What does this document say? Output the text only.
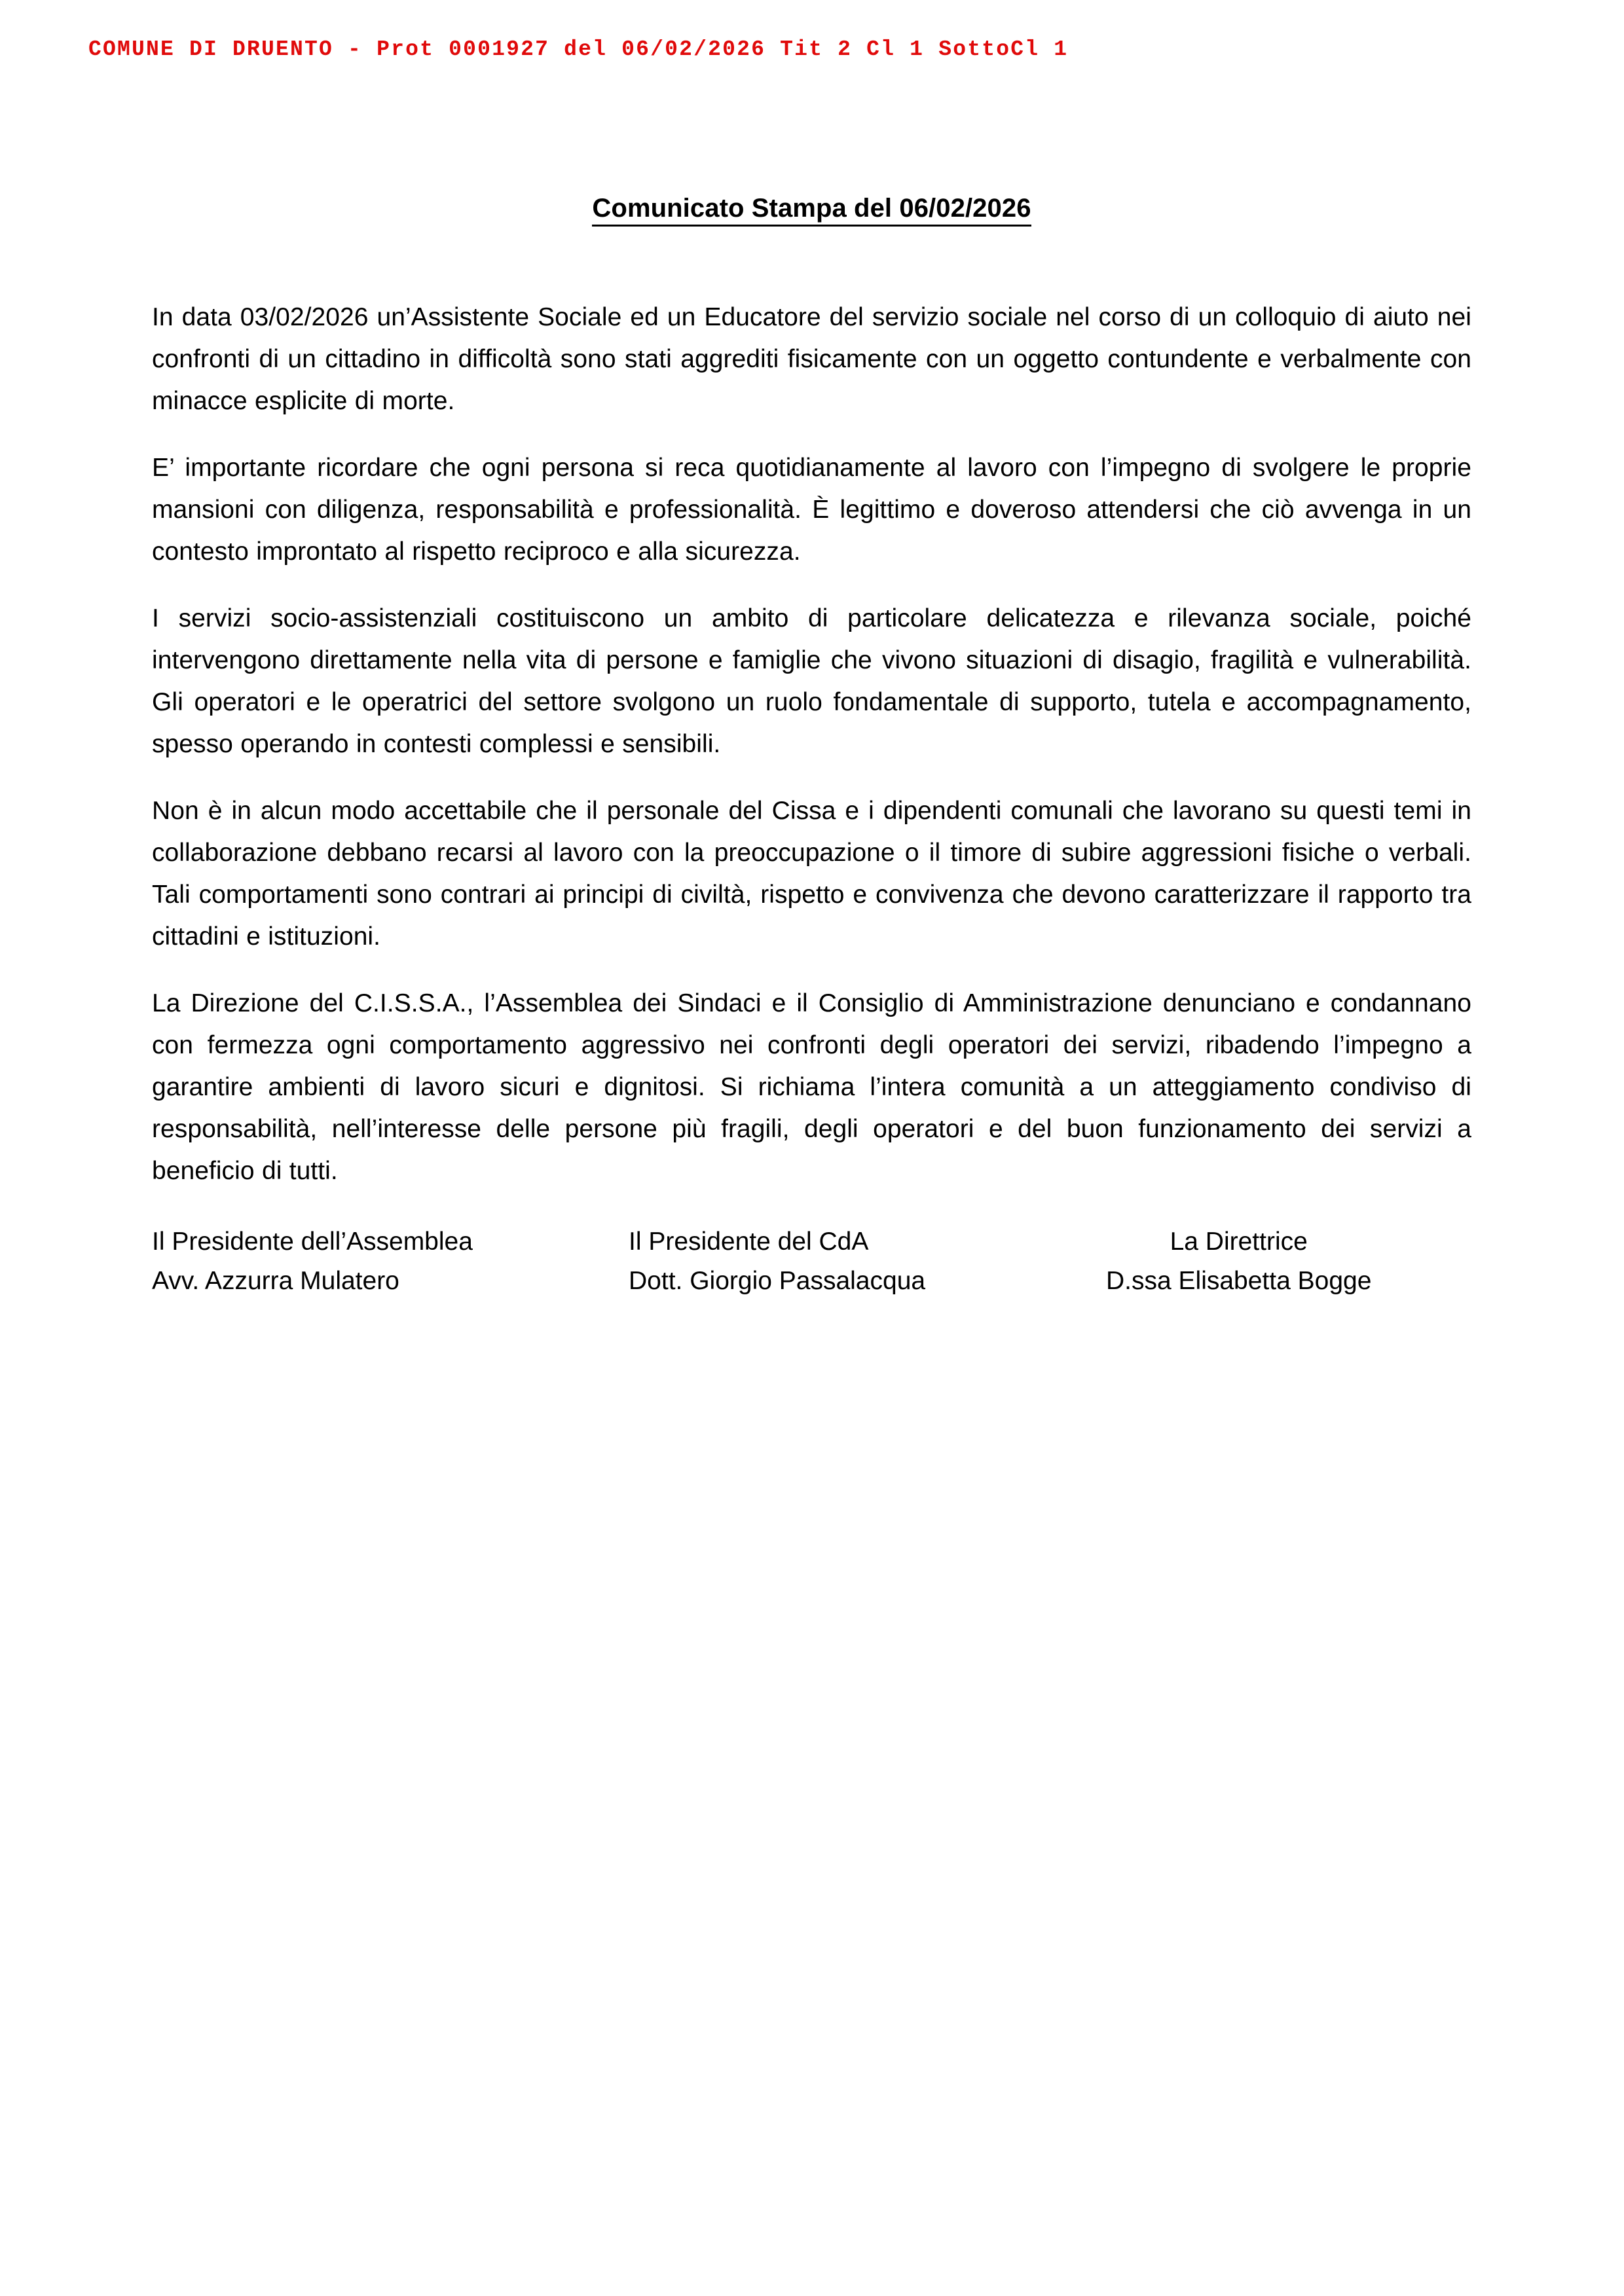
COMUNE DI DRUENTO - Prot 0001927 del 06/02/2026 Tit 2 Cl 1 SottoCl 1
Comunicato Stampa del 06/02/2026

In data 03/02/2026 un’Assistente Sociale ed un Educatore del servizio sociale nel corso di un colloquio di aiuto nei confronti di un cittadino in difficoltà sono stati aggrediti fisicamente con un oggetto contundente e verbalmente con minacce esplicite di morte.

E’ importante ricordare che ogni persona si reca quotidianamente al lavoro con l’impegno di svolgere le proprie mansioni con diligenza, responsabilità e professionalità. È legittimo e doveroso attendersi che ciò avvenga in un contesto improntato al rispetto reciproco e alla sicurezza.

I servizi socio-assistenziali costituiscono un ambito di particolare delicatezza e rilevanza sociale, poiché intervengono direttamente nella vita di persone e famiglie che vivono situazioni di disagio, fragilità e vulnerabilità. Gli operatori e le operatrici del settore svolgono un ruolo fondamentale di supporto, tutela e accompagnamento, spesso operando in contesti complessi e sensibili.

Non è in alcun modo accettabile che il personale del Cissa e i dipendenti comunali che lavorano su questi temi in collaborazione debbano recarsi al lavoro con la preoccupazione o il timore di subire aggressioni fisiche o verbali. Tali comportamenti sono contrari ai principi di civiltà, rispetto e convivenza che devono caratterizzare il rapporto tra cittadini e istituzioni.

La Direzione del C.I.S.S.A., l’Assemblea dei Sindaci e il Consiglio di Amministrazione denunciano e condannano con fermezza ogni comportamento aggressivo nei confronti degli operatori dei servizi, ribadendo l’impegno a garantire ambienti di lavoro sicuri e dignitosi. Si richiama l’intera comunità a un atteggiamento condiviso di responsabilità, nell’interesse delle persone più fragili, degli operatori e del buon funzionamento dei servizi a beneficio di tutti.

Il Presidente dell’Assemblea
Avv. Azzurra Mulatero
Il Presidente del CdA
Dott. Giorgio Passalacqua
La Direttrice
D.ssa Elisabetta Bogge
